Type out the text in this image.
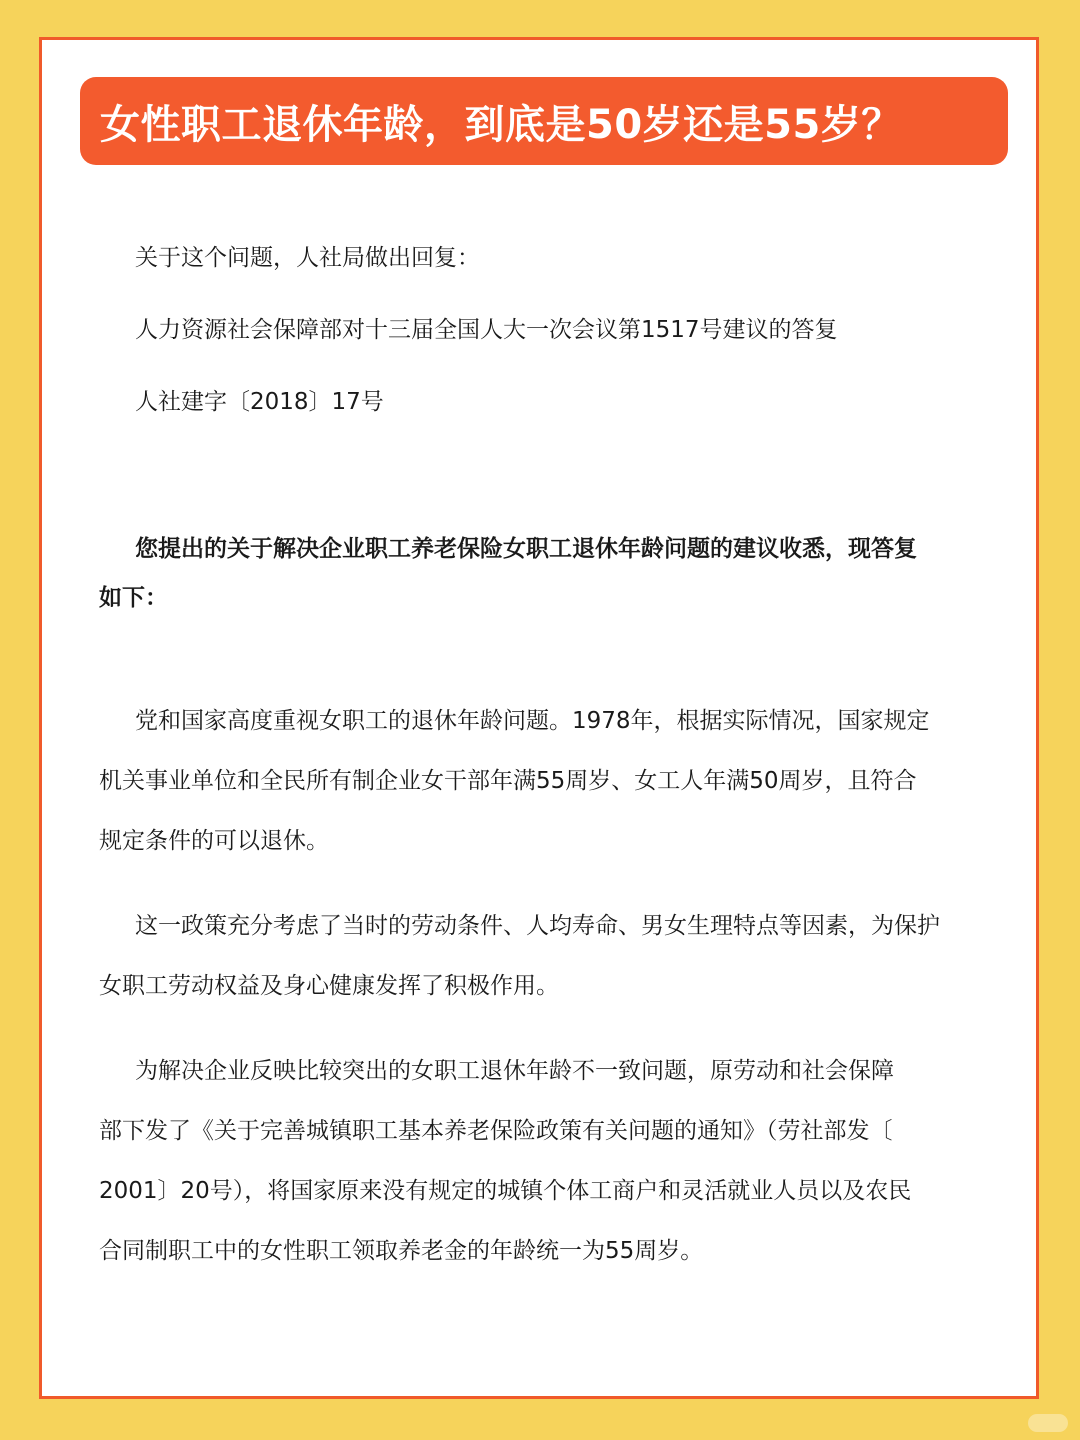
女性职工退休年龄，到底是50岁还是55岁？
关于这个问题，人社局做出回复：
人力资源社会保障部对十三届全国人大一次会议第1517号建议的答复
人社建字〔2018〕17号
您提出的关于解决企业职工养老保险女职工退休年龄问题的建议收悉，现答复
如下：
党和国家高度重视女职工的退休年龄问题。1978年，根据实际情况，国家规定
机关事业单位和全民所有制企业女干部年满55周岁、女工人年满50周岁，且符合
规定条件的可以退休。
这一政策充分考虑了当时的劳动条件、人均寿命、男女生理特点等因素，为保护
女职工劳动权益及身心健康发挥了积极作用。
为解决企业反映比较突出的女职工退休年龄不一致问题，原劳动和社会保障
部下发了《关于完善城镇职工基本养老保险政策有关问题的通知》（劳社部发〔
2001〕20号），将国家原来没有规定的城镇个体工商户和灵活就业人员以及农民
合同制职工中的女性职工领取养老金的年龄统一为55周岁。
